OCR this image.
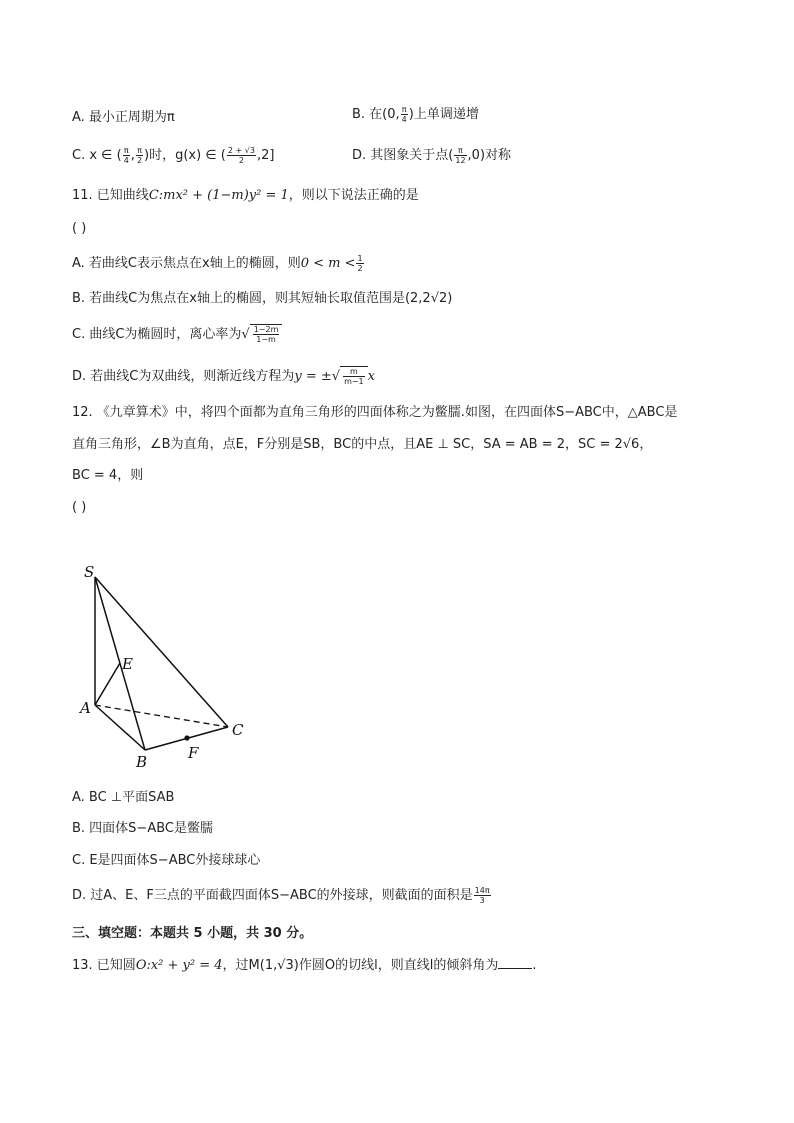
A. 最小正周期为π	B. 在(0, $\frac{\pi}{4}$ )上单调递增
C. x ∈ ( $\frac{\pi}{4}$ , $\frac{\pi}{2}$ )时，g(x) ∈ ( $\frac{2 + √3}{2} ,2$]	D. 其图象关于点( $\frac{\pi}{12} ,0$)对称
11. 已知曲线C:mx² + (1−m)y² = 1，则以下说法正确的是
( )
A. 若曲线C表示焦点在x轴上的椭圆，则$0 < m < \frac{1}{2}$
B. 若曲线C为焦点在x轴上的椭圆，则其短轴长取值范围是(2,2√2)
C. 曲线C为椭圆时，离心率为√ $\frac{1-2m}{1-m}$
D. 若曲线C为双曲线，则渐近线方程为y = ±√ $\frac{m}{m-1}$ x
12. 《九章算术》中，将四个面都为直角三角形的四面体称之为鳖臑.如图，在四面体S−ABC中，△ABC是
直角三角形，∠B为直角，点E，F分别是SB，BC的中点，且AE ⊥ SC，SA = AB = 2，SC = 2√6，
BC = 4，则
( )
S
E
A
B
C
F
A. BC ⊥平面SAB
B. 四面体S−ABC是鳖臑
C. E是四面体S−ABC外接球球心
D. 过A、E、F三点的平面截四面体S−ABC的外接球，则截面的面积是 $\frac{14\pi}{3}$
三、填空题：本题共 5 小题，共 30 分。
13. 已知圆O:x² + y² = 4，过M(1,√3)作圆O的切线l，则直线l的倾斜角为	.
